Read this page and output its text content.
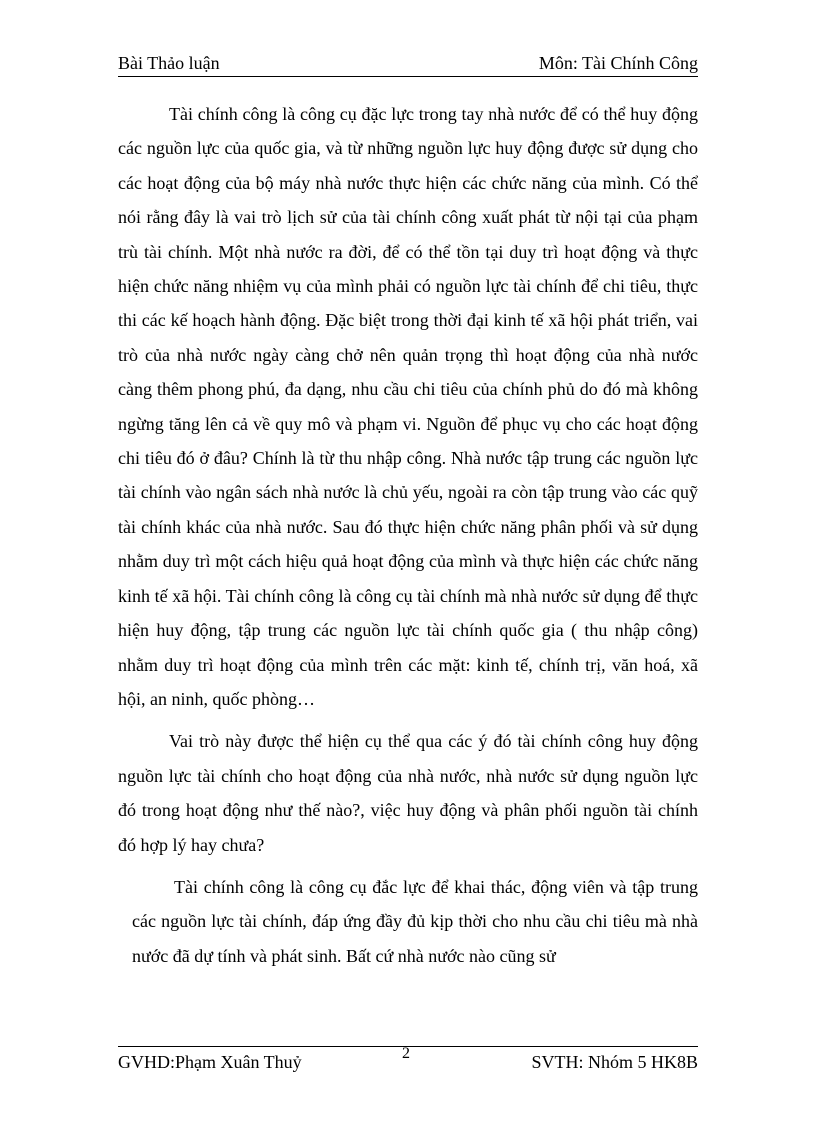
Bài Thảo luận	Môn: Tài Chính Công

Tài chính công là công cụ đặc lực trong tay nhà nước để có thể huy động các nguồn lực của quốc gia, và từ những nguồn lực huy động được sử dụng cho các hoạt động của bộ máy nhà nước thực hiện các chức năng của mình. Có thể nói rằng đây là vai trò lịch sử của tài chính công xuất phát từ nội tại của phạm trù tài chính. Một nhà nước ra đời, để có thể tồn tại duy trì hoạt động và thực hiện chức năng nhiệm vụ của mình phải có nguồn lực tài chính để chi tiêu, thực thi các kế hoạch hành động. Đặc biệt trong thời đại kinh tế xã hội phát triển, vai trò của nhà nước ngày càng chở nên quản trọng thì hoạt động của nhà nước càng thêm phong phú, đa dạng, nhu cầu chi tiêu của chính phủ do đó mà không ngừng tăng lên cả về quy mô và phạm vi. Nguồn để phục vụ cho các hoạt động chi tiêu đó ở đâu? Chính là từ thu nhập công. Nhà nước tập trung các nguồn lực tài chính vào ngân sách nhà nước là chủ yếu, ngoài ra còn tập trung vào các quỹ tài chính khác của nhà nước. Sau đó thực hiện chức năng phân phối và sử dụng nhằm duy trì một cách hiệu quả hoạt động của mình và thực hiện các chức năng kinh tế xã hội. Tài chính công là công cụ tài chính mà nhà nước sử dụng để thực hiện huy động, tập trung các nguồn lực tài chính quốc gia ( thu nhập công) nhằm duy trì hoạt động của mình trên các mặt: kinh tế, chính trị, văn hoá, xã hội, an ninh, quốc phòng…

Vai trò này được thể hiện cụ thể qua các ý đó tài chính công huy động nguồn lực tài chính cho hoạt động của nhà nước, nhà nước sử dụng nguồn lực đó trong hoạt động như thế nào?, việc huy động và phân phối nguồn tài chính đó hợp lý hay chưa?

Tài chính công là công cụ đắc lực để khai thác, động viên và tập trung các nguồn lực tài chính, đáp ứng đầy đủ kịp thời cho nhu cầu chi tiêu mà nhà nước đã dự tính và phát sinh. Bất cứ nhà nước nào cũng sử

GVHD:Phạm Xuân Thuỷ	2	SVTH: Nhóm 5 HK8B
